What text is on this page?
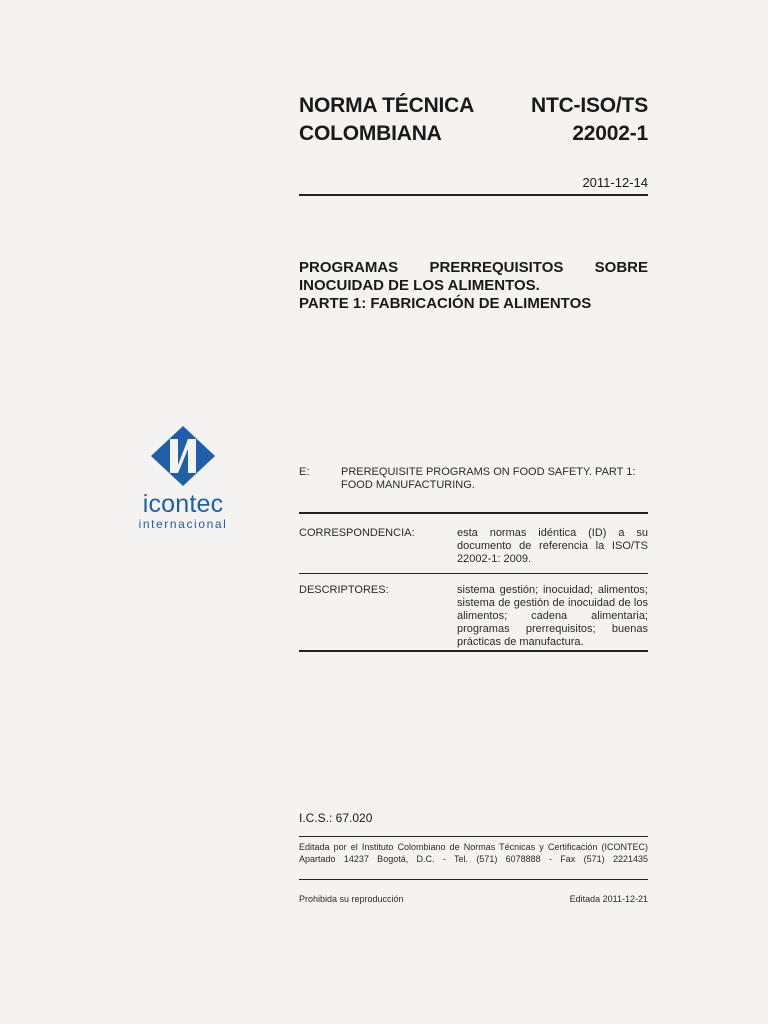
NORMA TÉCNICA
COLOMBIANA
NTC-ISO/TS
22002-1
2011-12-14
PROGRAMAS PRERREQUISITOS SOBRE
INOCUIDAD DE LOS ALIMENTOS.
PARTE 1: FABRICACIÓN DE ALIMENTOS
icontec
internacional
E:	PREREQUISITE PROGRAMS ON FOOD SAFETY. PART 1:
FOOD MANUFACTURING.
CORRESPONDENCIA:	esta normas idéntica (ID) a su documento de referencia la ISO/TS 22002-1: 2009.
DESCRIPTORES:	sistema gestión; inocuidad; alimentos; sistema de gestión de inocuidad de los alimentos; cadena alimentaria; programas prerrequisitos; buenas prácticas de manufactura.
I.C.S.: 67.020
Editada por el Instituto Colombiano de Normas Técnicas y Certificación (ICONTEC)
Apartado 14237 Bogotá, D.C. - Tel. (571) 6078888 - Fax (571) 2221435
Prohibida su reproducción	Editada 2011-12-21
